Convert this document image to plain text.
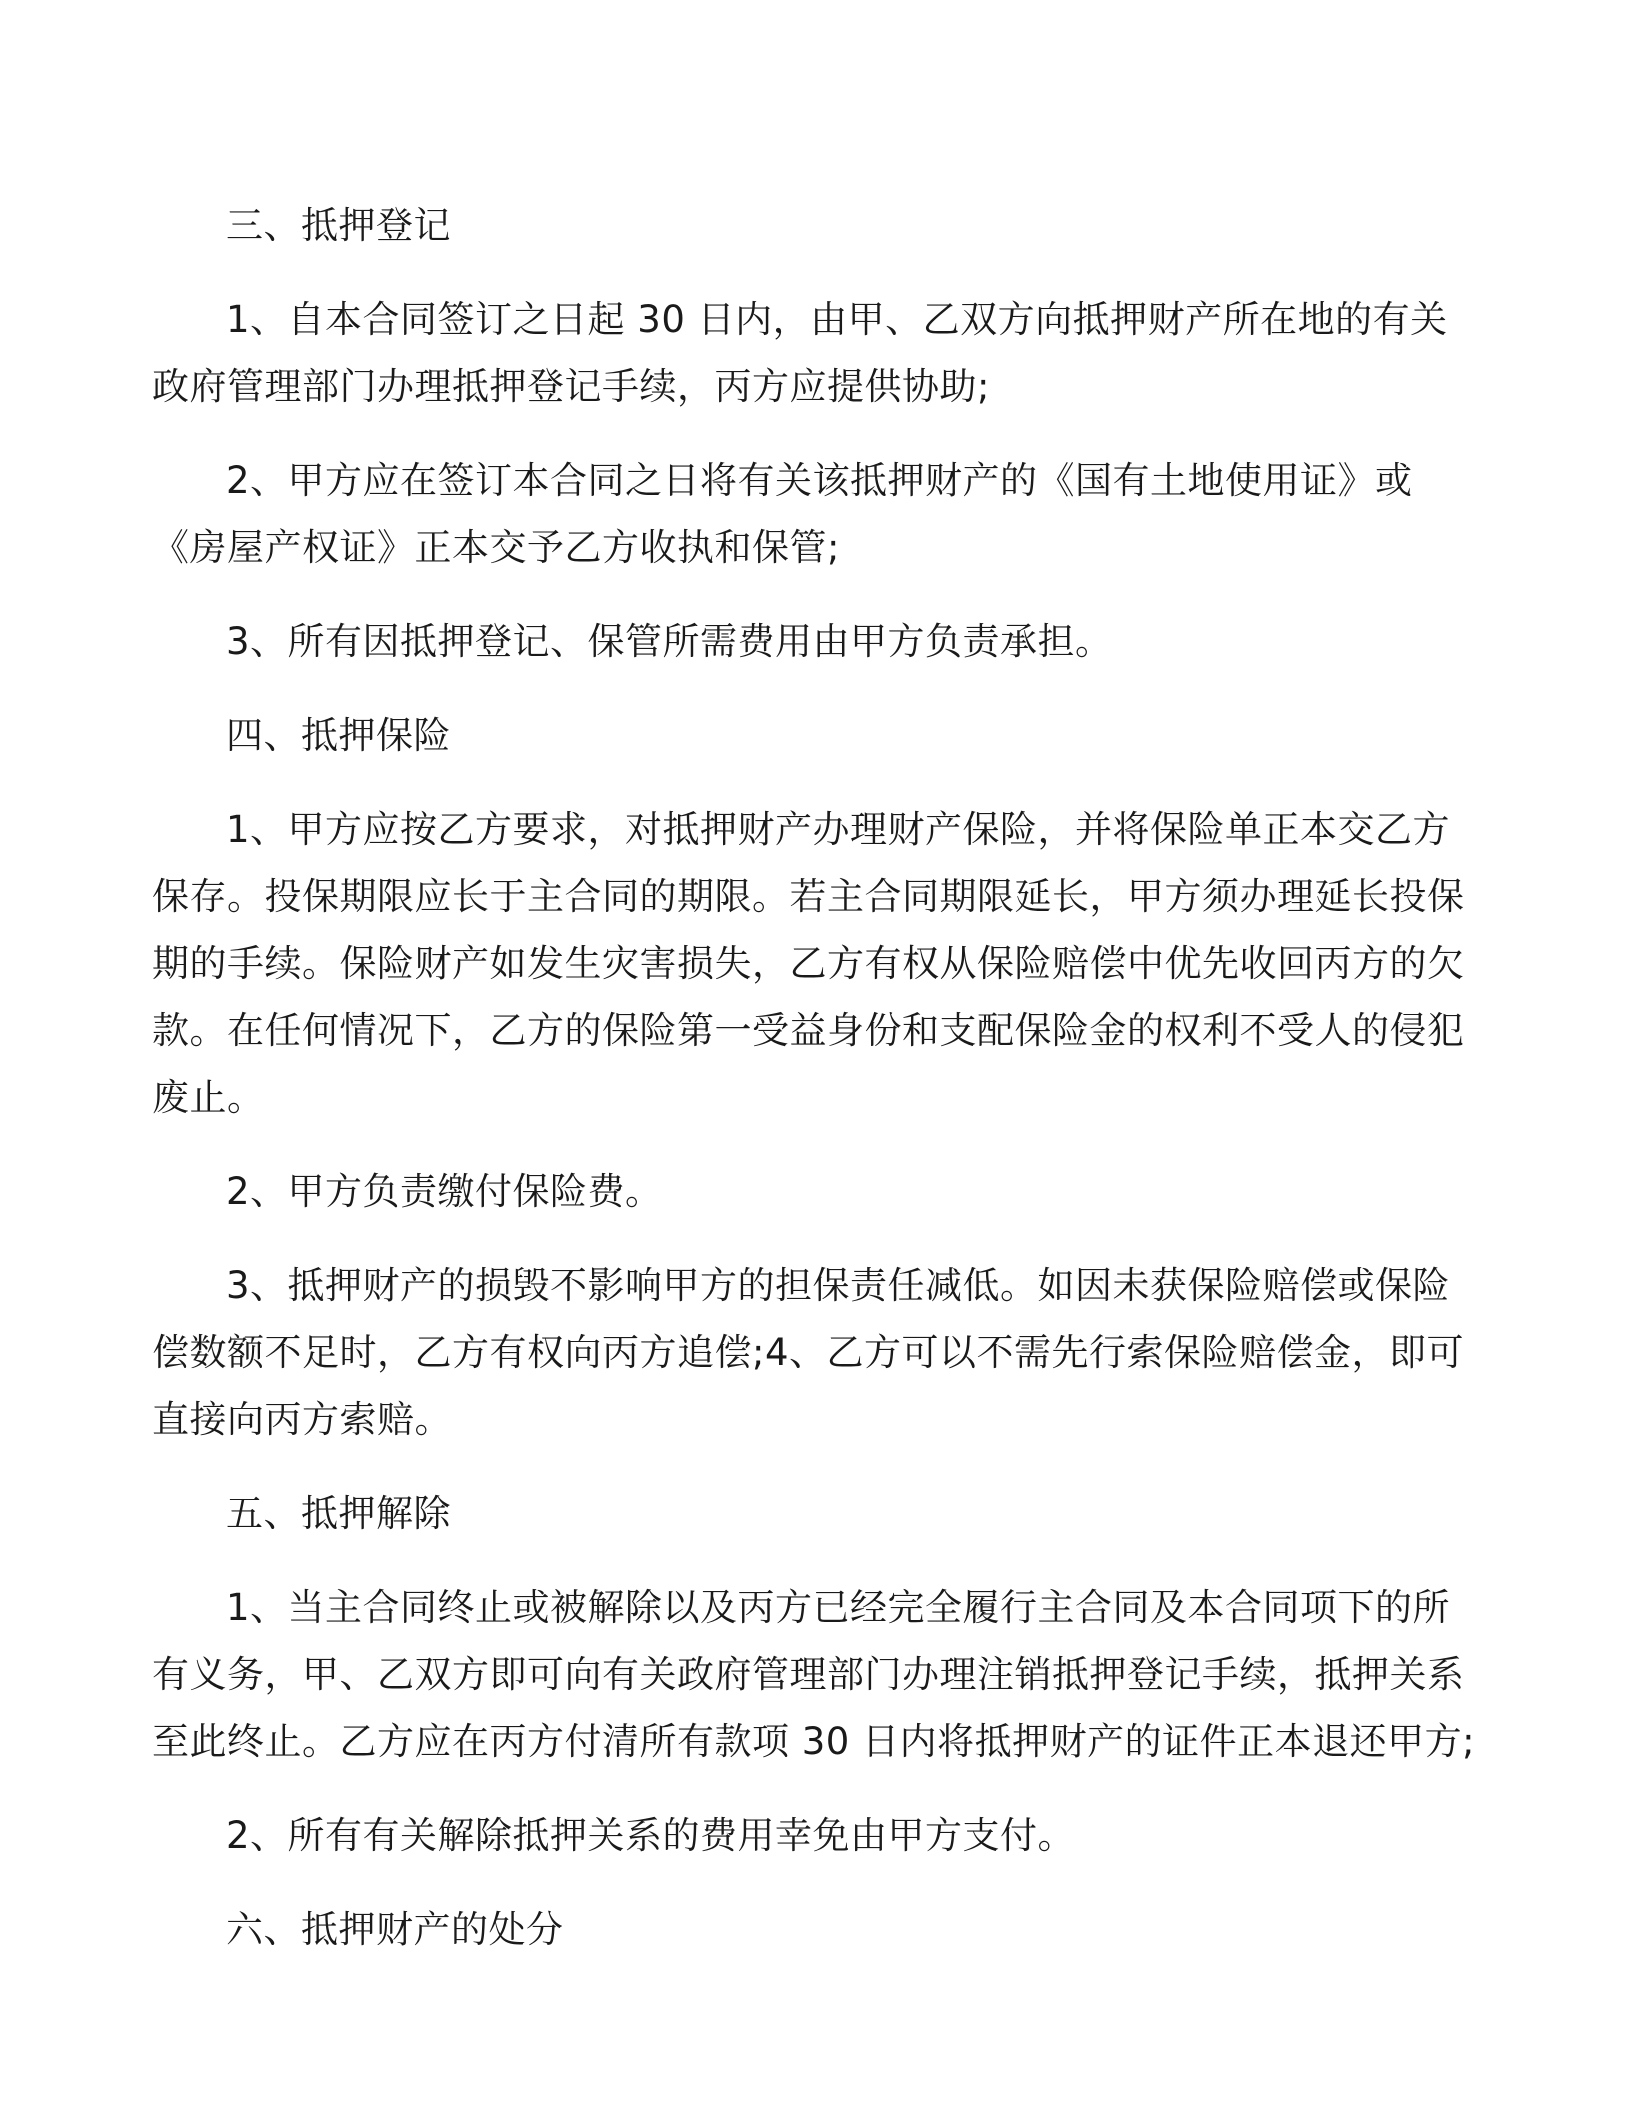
三、抵押登记

1、自本合同签订之日起 30 日内，由甲、乙双方向抵押财产所在地的有关政府管理部门办理抵押登记手续，丙方应提供协助;

2、甲方应在签订本合同之日将有关该抵押财产的《国有土地使用证》或《房屋产权证》正本交予乙方收执和保管;

3、所有因抵押登记、保管所需费用由甲方负责承担。

四、抵押保险

1、甲方应按乙方要求，对抵押财产办理财产保险，并将保险单正本交乙方保存。投保期限应长于主合同的期限。若主合同期限延长，甲方须办理延长投保期的手续。保险财产如发生灾害损失，乙方有权从保险赔偿中优先收回丙方的欠款。在任何情况下，乙方的保险第一受益身份和支配保险金的权利不受人的侵犯废止。

2、甲方负责缴付保险费。

3、抵押财产的损毁不影响甲方的担保责任减低。如因未获保险赔偿或保险偿数额不足时，乙方有权向丙方追偿;4、乙方可以不需先行索保险赔偿金，即可直接向丙方索赔。

五、抵押解除

1、当主合同终止或被解除以及丙方已经完全履行主合同及本合同项下的所有义务，甲、乙双方即可向有关政府管理部门办理注销抵押登记手续，抵押关系至此终止。乙方应在丙方付清所有款项 30 日内将抵押财产的证件正本退还甲方;

2、所有有关解除抵押关系的费用幸免由甲方支付。

六、抵押财产的处分
